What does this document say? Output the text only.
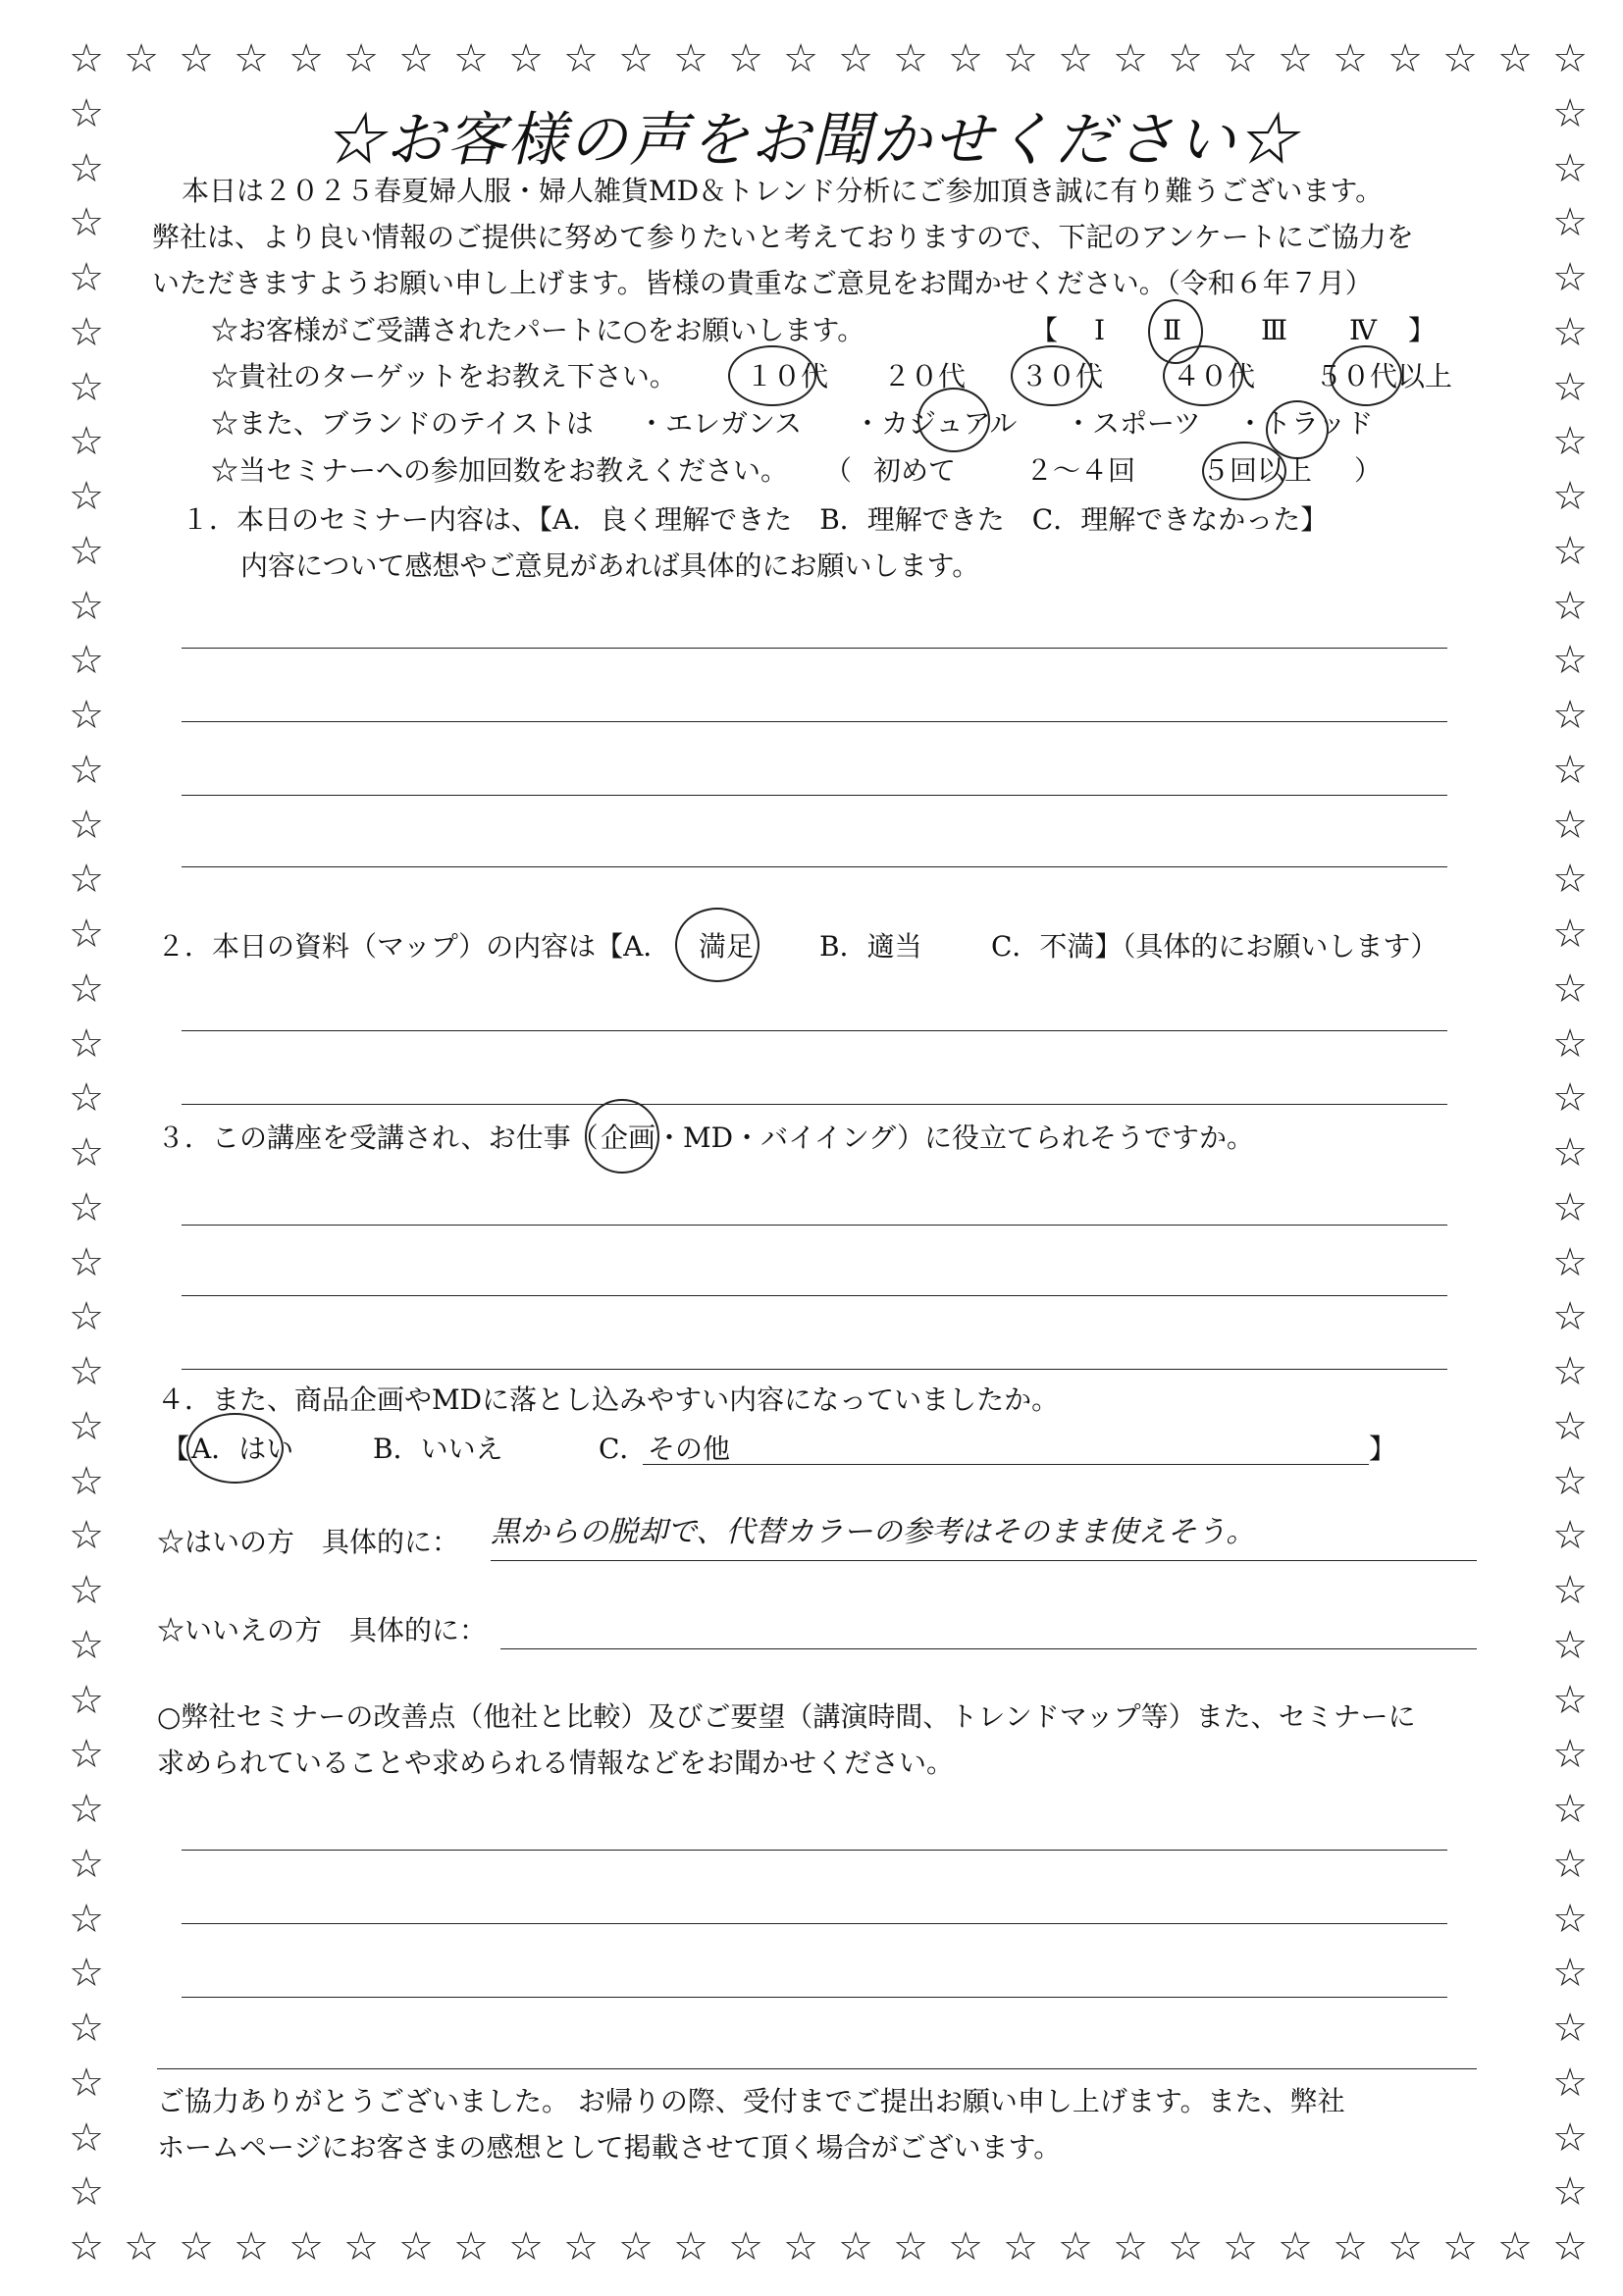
☆
☆
☆
☆
☆
☆
☆
☆
☆
☆
☆
☆
☆
☆
☆
☆
☆
☆
☆
☆
☆
☆
☆
☆
☆
☆
☆
☆
☆
☆
☆
☆
☆
☆
☆
☆
☆
☆
☆
☆
☆
☆
☆
☆
☆
☆
☆
☆
☆
☆
☆
☆
☆
☆
☆
☆
☆	☆
☆	☆
☆	☆
☆	☆
☆	☆
☆	☆
☆	☆
☆	☆
☆	☆
☆	☆
☆	☆
☆	☆
☆	☆
☆	☆
☆	☆
☆	☆
☆	☆
☆	☆
☆	☆
☆	☆
☆	☆
☆	☆
☆	☆
☆	☆
☆	☆
☆	☆
☆	☆
☆	☆
☆	☆
☆	☆
☆	☆
☆	☆
☆	☆
☆	☆
☆	☆
☆	☆
☆	☆
☆	☆
☆	☆
☆お客様の声をお聞かせください☆
本日は２０２５春夏婦人服・婦人雑貨MD＆トレンド分析にご参加頂き誠に有り難うございます。
弊社は、より良い情報のご提供に努めて参りたいと考えておりますので、下記のアンケートにご協力を
いただきますようお願い申し上げます。皆様の貴重なご意見をお聞かせください。（令和６年７月）
☆お客様がご受講されたパートに○をお願いします。	【 Ⅰ Ⅱ	Ⅲ Ⅳ 】
☆貴社のターゲットをお教え下さい。	１０代 ２０代 ３０代	４０代 ５０代以上
☆また、ブランドのテイストは ・エレガンス ・カジュアル ・スポーツ ・トラッド
☆当セミナーへの参加回数をお教えください。 （ 初めて	２～４回 ５回以上 ）
１．本日のセミナー内容は、【A．良く理解できた　B．理解できた　C．理解できなかった】
内容について感想やご意見があれば具体的にお願いします。
２．本日の資料（マップ）の内容は【A． 満足 B．適当	C．不満】（具体的にお願いします）
３．この講座を受講され、お仕事（ 企画 ・MD・バイイング）に役立てられそうですか。
４．また、商品企画やMDに落とし込みやすい内容になっていましたか。
【 A．はい	B．いいえ	C． その他	】
☆はいの方　具体的に： 黒からの脱却で、代替カラーの参考はそのまま使えそう。
☆いいえの方　具体的に：
○弊社セミナーの改善点（他社と比較）及びご要望（講演時間、トレンドマップ等）また、セミナーに
求められていることや求められる情報などをお聞かせください。
ご協力ありがとうございました。 お帰りの際、受付までご提出お願い申し上げます。また、弊社
ホームページにお客さまの感想として掲載させて頂く場合がございます。
